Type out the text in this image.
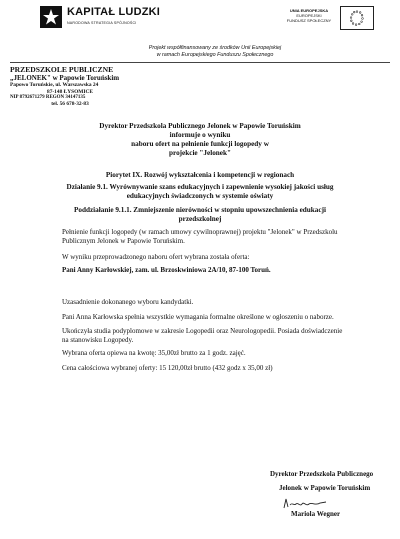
KAPITAŁ LUDZKI
NARODOWA STRATEGIA SPÓJNOŚCI
UNIA EUROPEJSKA
EUROPEJSKI
FUNDUSZ SPOŁECZNY
Projekt współfinansowany ze środków Unii Europejskiej
w ramach Europejskiego Funduszu Społecznego
PRZEDSZKOLE PUBLICZNE
„JELONEK" w Papowie Toruńskim
Papowo Toruńskie, ul. Warszawska 24
87-148 ŁYSOMICE
NIP 8792671279 REGON 34147135
tel. 56 678-32-83
Dyrektor Przedszkola Publicznego Jelonek w Papowie Toruńskim
informuje o wyniku
naboru ofert na pełnienie funkcji logopedy w
projekcie "Jelonek"
Piorytet IX. Rozwój wykształcenia i kompetencji w regionach
Działanie 9.1. Wyrównywanie szans edukacyjnych i zapewnienie wysokiej jakości usług
edukacyjnych świadczonych w systemie oświaty
Poddziałanie 9.1.1. Zmniejszenie nierówności w stopniu upowszechnienia edukacji
przedszkolnej
Pełnienie funkcji logopedy (w ramach umowy cywilnoprawnej) projektu "Jelonek" w Przedszkolu
Publicznym Jelonek w Papowie Toruńskim.
W wyniku przeprowadzonego naboru ofert wybrana została oferta:
Pani Anny Karłowskiej, zam. ul. Brzoskwiniowa 2A/10, 87-100 Toruń.
Uzasadnienie dokonanego wyboru kandydatki.
Pani Anna Karłowska spełnia wszystkie wymagania formalne określone w ogłoszeniu o naborze.
Ukończyła studia podyplomowe w zakresie Logopedii oraz Neurologopedii. Posiada doświadczenie
na stanowisku Logopedy.
Wybrana oferta opiewa na kwotę: 35,00zł brutto za 1 godz. zajęć.
Cena całościowa wybranej oferty: 15 120,00zł brutto (432 godz x 35,00 zł)
Dyrektor Przedszkola Publicznego
Jelonek w Papowie Toruńskim
Mariola Wegner
